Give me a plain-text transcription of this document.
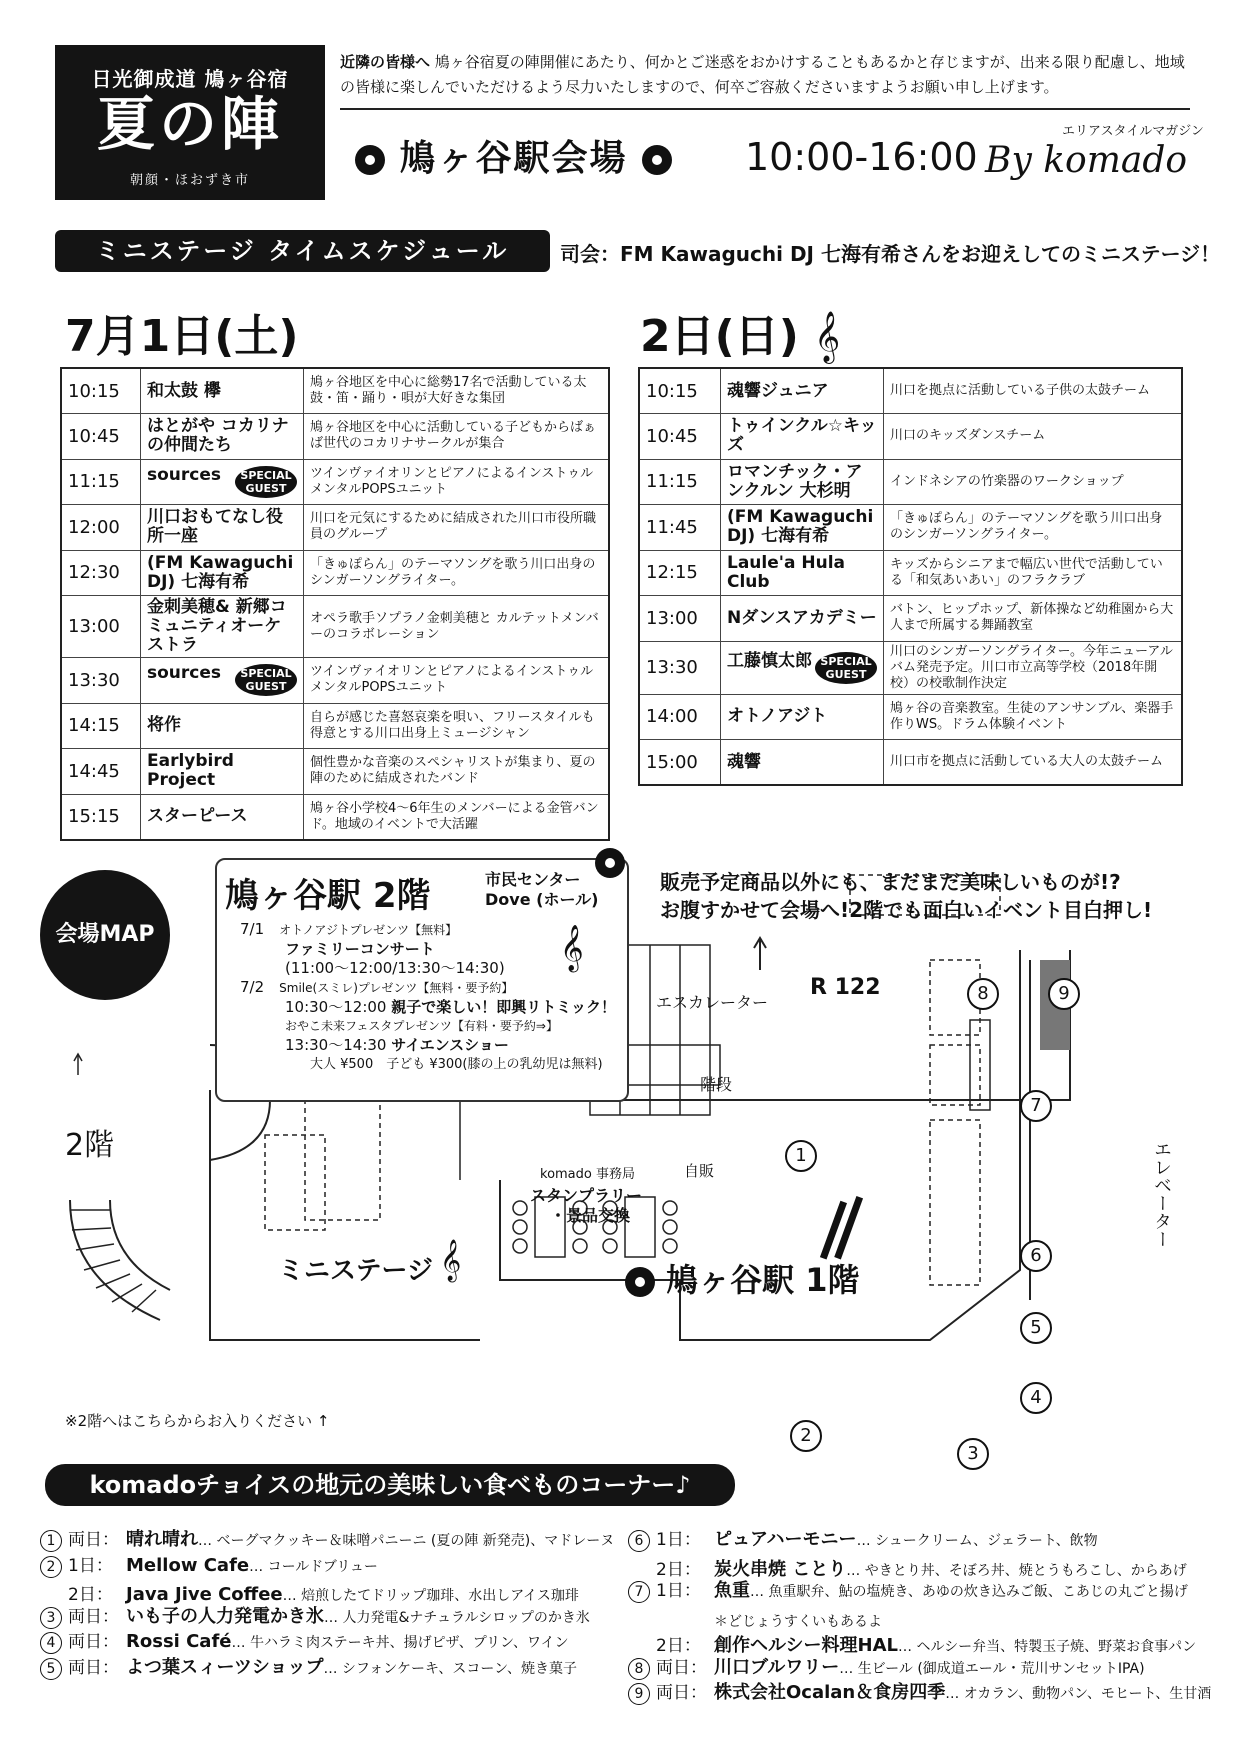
日光御成道 鳩ヶ谷宿
夏の陣
朝顔・ほおずき市
近隣の皆様へ 鳩ヶ谷宿夏の陣開催にあたり、何かとご迷惑をおかけすることもあるかと存じますが、出来る限り配慮し、地域の皆様に楽しんでいただけるよう尽力いたしますので、何卒ご容赦くださいますようお願い申し上げます。
鳩ヶ谷駅会場	10:00-16:00
エリアスタイルマガジン
By komado
ミニステージ タイムスケジュール	司会：FM Kawaguchi DJ 七海有希さんをお迎えしてのミニステージ！
7月1日(土)	2日(日) 𝄞
10:15	和太鼓 欅	鳩ヶ谷地区を中心に総勢17名で活動している太鼓・笛・踊り・唄が大好きな集団
10:45	はとがや コカリナの仲間たち	鳩ヶ谷地区を中心に活動している子どもからばぁば世代のコカリナサークルが集合
11:15	sources SPECIAL GUEST	ツインヴァイオリンとピアノによるインストゥルメンタルPOPSユニット
12:00	川口おもてなし役所一座	川口を元気にするために結成された川口市役所職員のグループ
12:30	(FM Kawaguchi DJ) 七海有希	「きゅぽらん」のテーマソングを歌う川口出身のシンガーソングライター。
13:00	金刺美穂& 新郷コミュニティオーケストラ	オペラ歌手ソプラノ金刺美穂と カルテットメンバーのコラボレーション
13:30	sources SPECIAL GUEST	ツインヴァイオリンとピアノによるインストゥルメンタルPOPSユニット
14:15	将作	自らが感じた喜怒哀楽を唄い、フリースタイルも得意とする川口出身上ミュージシャン
14:45	Earlybird Project	個性豊かな音楽のスペシャリストが集まり、夏の陣のために結成されたバンド
15:15	スターピース	鳩ヶ谷小学校4〜6年生のメンバーによる金管バンド。地域のイベントで大活躍
10:15	魂響ジュニア	川口を拠点に活動している子供の太鼓チーム
10:45	トゥインクル☆キッズ	川口のキッズダンスチーム
11:15	ロマンチック・アンクルン 大杉明	インドネシアの竹楽器のワークショップ
11:45	(FM Kawaguchi DJ) 七海有希	「きゅぽらん」のテーマソングを歌う川口出身のシンガーソングライター。
12:15	Laule'a Hula Club	キッズからシニアまで幅広い世代で活動している「和気あいあい」のフラクラブ
13:00	Nダンスアカデミー	バトン、ヒップホップ、新体操など幼稚園から大人まで所属する舞踊教室
13:30	工藤慎太郎 SPECIAL GUEST	川口のシンガーソングライター。今年ニューアルバム発売予定。川口市立高等学校（2018年開校）の校歌制作決定
14:00	オトノアジト	鳩ヶ谷の音楽教室。生徒のアンサンブル、楽器手作りWS。ドラム体験イベント
15:00	魂響	川口市を拠点に活動している大人の太鼓チーム
会場MAP
鳩ヶ谷駅 2階	市民センター
Dove (ホール)
7/1　 オトノアジトプレゼンツ【無料】
ファミリーコンサート
(11:00〜12:00/13:30〜14:30)
7/2　 Smile(スミレ)プレゼンツ【無料・要予約】
10:30〜12:00 親子で楽しい！即興リトミック！
おやこ未来フェスタプレゼンツ【有料・要予約⇒】
13:30〜14:30 サイエンスショー
大人 ¥500　子ども ¥300(膝の上の乳幼児は無料)
𝄞
販売予定商品以外にも、まだまだ美味しいものが!?
お腹すかせて会場へ!2階でも面白いイベント目白押し!
エスカレーター
階段
R 122
エレベーター
2階
自販
komado 事務局
スタンプラリー
・景品交換
ミニステージ 𝄞	鳩ヶ谷駅 1階
※2階へはこちらからお入りください ↑
1
2
3
4
5
6
7
8	9
komadoチョイスの地元の美味しい食べものコーナー♪
1 両日： 晴れ晴れ… ベーグマクッキー＆味噌パニーニ (夏の陣 新発売)、マドレーヌ
2 1日： Mellow Cafe… コールドブリュー
2日： Java Jive Coffee… 焙煎したてドリップ珈琲、水出しアイス珈琲
3 両日： いも子の人力発電かき氷… 人力発電&ナチュラルシロップのかき氷
4 両日： Rossi Café… 牛ハラミ肉ステーキ丼、揚げピザ、プリン、ワイン
5 両日： よつ葉スィーツショップ… シフォンケーキ、スコーン、焼き菓子
6 1日： ピュアハーモニー… シュークリーム、ジェラート、飲物
2日： 炭火串焼 ことり… やきとり丼、そぼろ丼、焼とうもろこし、からあげ
7 1日： 魚重… 魚重駅弁、鮎の塩焼き、あゆの炊き込みご飯、こあじの丸ごと揚げ
＊どじょうすくいもあるよ
2日： 創作ヘルシー料理HAL… ヘルシー弁当、特製玉子焼、野菜お食事パン
8 両日： 川口ブルワリー… 生ビール (御成道エール・荒川サンセットIPA)
9 両日： 株式会社Ocalan＆食房四季… オカラン、動物パン、モヒート、生甘酒
